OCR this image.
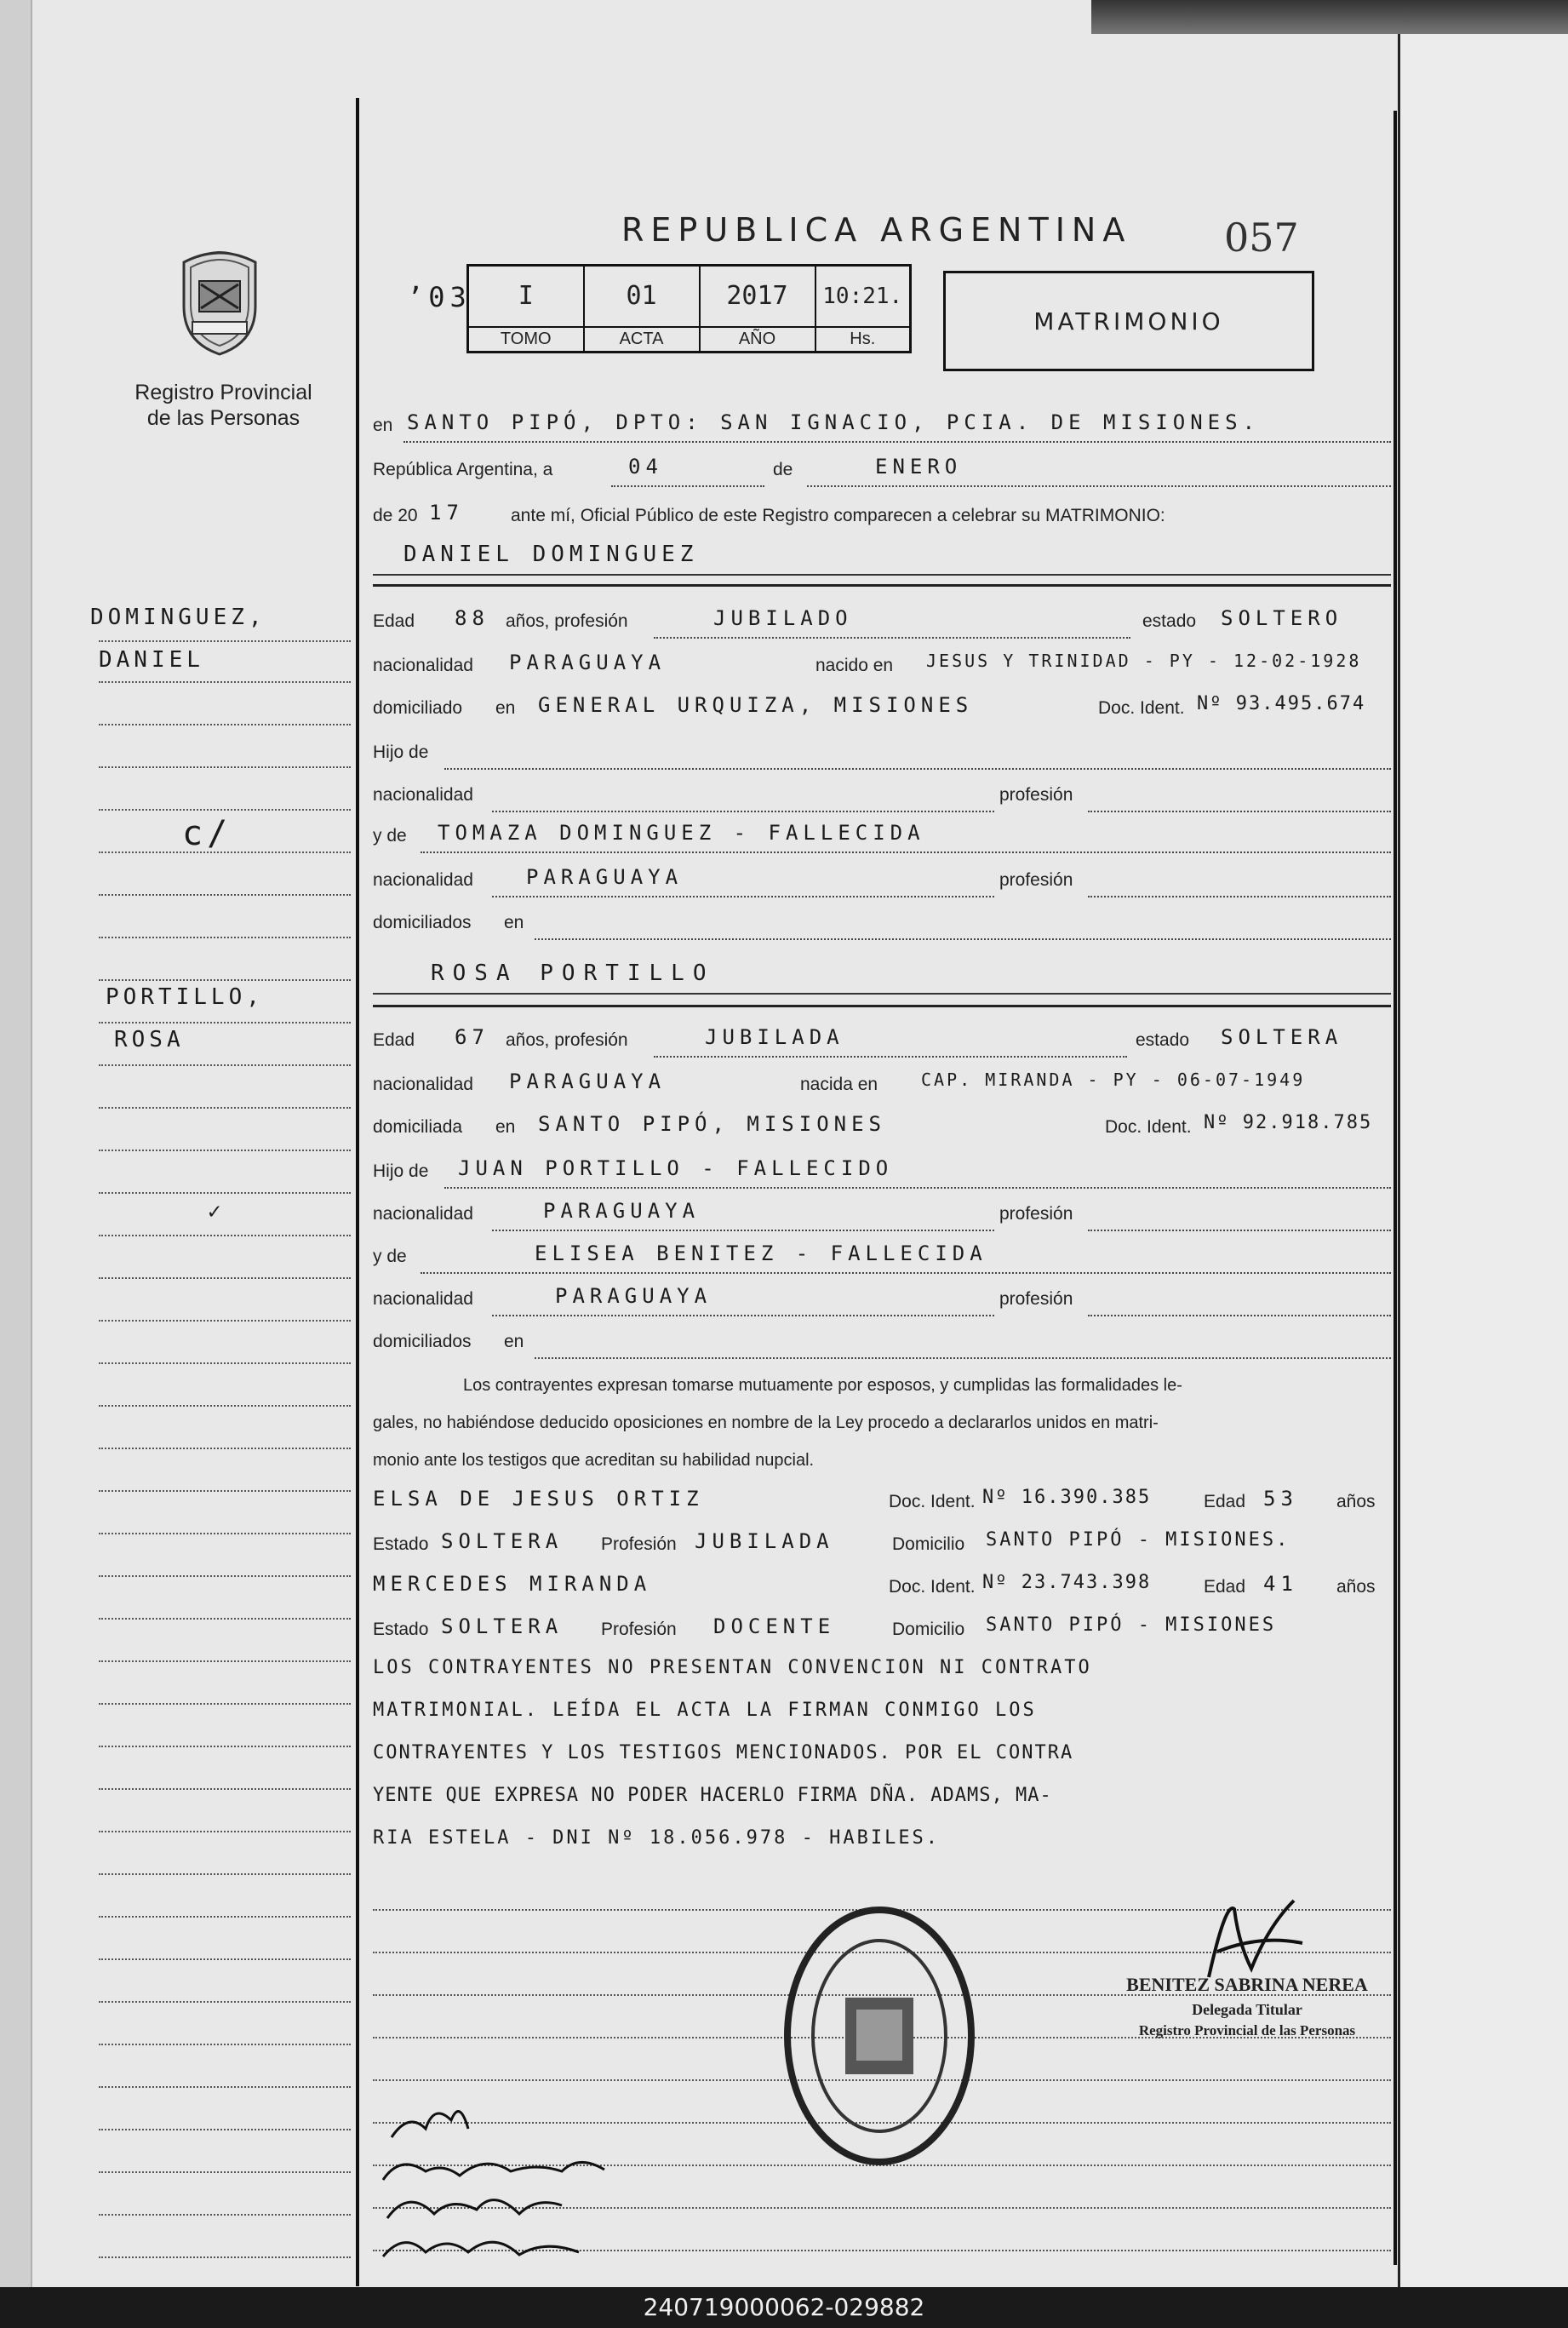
REPUBLICA ARGENTINA 057
Registro Provincial
de las Personas
ʼ03 I	01	2017	10:21.
TOMO	ACTA	AÑO	Hs.
MATRIMONIO
en SANTO PIPÓ, DPTO: SAN IGNACIO, PCIA. DE MISIONES.
República Argentina, a	04	de	ENERO
de 20 17	ante mí, Oficial Público de este Registro comparecen a celebrar su MATRIMONIO:
DANIEL DOMINGUEZ
Edad 88 años, profesión	JUBILADO	estado SOLTERO
nacionalidad PARAGUAYA	nacido en JESUS Y TRINIDAD - PY - 12-02-1928
domiciliado en GENERAL URQUIZA, MISIONES	Doc. Ident. Nº 93.495.674
Hijo de
nacionalidad	profesión
y de TOMAZA DOMINGUEZ - FALLECIDA
nacionalidad	PARAGUAYA	profesión
domiciliados en
ROSA PORTILLO
Edad 67 años, profesión	JUBILADA	estado SOLTERA
nacionalidad PARAGUAYA	nacida en	CAP. MIRANDA - PY - 06-07-1949
domiciliada en SANTO PIPÓ, MISIONES	Doc. Ident. Nº 92.918.785
Hijo de JUAN PORTILLO - FALLECIDO
nacionalidad	PARAGUAYA	profesión
y de	ELISEA BENITEZ - FALLECIDA
nacionalidad	PARAGUAYA	profesión
domiciliados en
Los contrayentes expresan tomarse mutuamente por esposos, y cumplidas las formalidades le-
gales, no habiéndose deducido oposiciones en nombre de la Ley procedo a declararlos unidos en matri-
monio ante los testigos que acreditan su habilidad nupcial.
ELSA DE JESUS ORTIZ	Doc. Ident. Nº 16.390.385	Edad 53 años
Estado SOLTERA Profesión JUBILADA	Domicilio SANTO PIPÓ - MISIONES.
MERCEDES MIRANDA	Doc. Ident. Nº 23.743.398	Edad 41 años
Estado SOLTERA Profesión DOCENTE	Domicilio SANTO PIPÓ - MISIONES
LOS CONTRAYENTES NO PRESENTAN CONVENCION NI CONTRATO
MATRIMONIAL. LEÍDA EL ACTA LA FIRMAN CONMIGO LOS
CONTRAYENTES Y LOS TESTIGOS MENCIONADOS. POR EL CONTRA
YENTE QUE EXPRESA NO PODER HACERLO FIRMA DÑA. ADAMS, MA-
RIA ESTELA - DNI Nº 18.056.978 - HABILES.
BENITEZ SABRINA NEREA
Delegada Titular
Registro Provincial de las Personas
DOMINGUEZ,
DANIEL
c/
PORTILLO,
ROSA
✓
240719000062-029882
